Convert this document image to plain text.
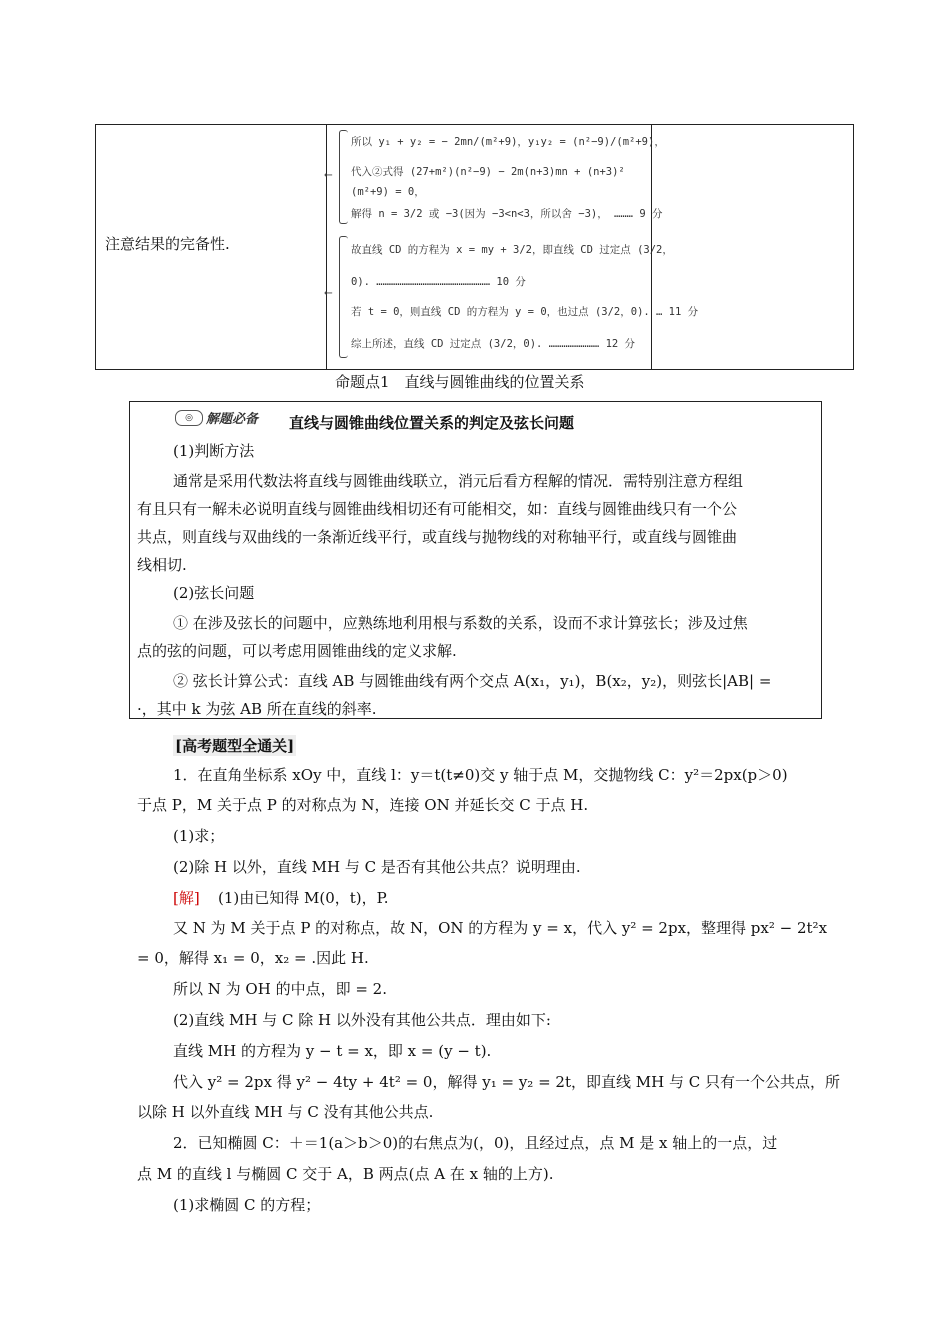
注意结果的完备性.
⟵
⟵
所以 y₁ + y₂ = − 2mn/(m²+9)，y₁y₂ = (n²−9)/(m²+9)，
代入②式得 (27+m²)(n²−9) − 2m(n+3)mn + (n+3)²
(m²+9) = 0，
解得 n = 3/2 或 −3(因为 −3<n<3，所以舍 −3)， ……… 9 分
故直线 CD 的方程为 x = my + 3/2，即直线 CD 过定点 (3/2，
0). ……………………………………………… 10 分
若 t = 0，则直线 CD 的方程为 y = 0，也过点 (3/2，0). … 11 分
综上所述，直线 CD 过定点 (3/2，0). …………………… 12 分
命题点1　直线与圆锥曲线的位置关系
◎	解题必备 直线与圆锥曲线位置关系的判定及弦长问题
(1)判断方法
通常是采用代数法将直线与圆锥曲线联立，消元后看方程解的情况．需特别注意方程组
有且只有一解未必说明直线与圆锥曲线相切还有可能相交，如：直线与圆锥曲线只有一个公
共点，则直线与双曲线的一条渐近线平行，或直线与抛物线的对称轴平行，或直线与圆锥曲
线相切.
(2)弦长问题
① 在涉及弦长的问题中，应熟练地利用根与系数的关系，设而不求计算弦长；涉及过焦
点的弦的问题，可以考虑用圆锥曲线的定义求解.
② 弦长计算公式：直线 AB 与圆锥曲线有两个交点 A(x₁，y₁)，B(x₂，y₂)，则弦长|AB| =
·，其中 k 为弦 AB 所在直线的斜率.
[高考题型全通关]
1．在直角坐标系 xOy 中，直线 l：y＝t(t≠0)交 y 轴于点 M，交抛物线 C：y²＝2px(p＞0)
于点 P，M 关于点 P 的对称点为 N，连接 ON 并延长交 C 于点 H.
(1)求；
(2)除 H 以外，直线 MH 与 C 是否有其他公共点？说明理由.
[解] (1)由已知得 M(0，t)，P.
又 N 为 M 关于点 P 的对称点，故 N，ON 的方程为 y = x，代入 y² = 2px，整理得 px² − 2t²x
= 0，解得 x₁ = 0，x₂ = .因此 H.
所以 N 为 OH 的中点，即 = 2.
(2)直线 MH 与 C 除 H 以外没有其他公共点．理由如下:
直线 MH 的方程为 y − t = x，即 x = (y − t).
代入 y² = 2px 得 y² − 4ty + 4t² = 0，解得 y₁ = y₂ = 2t，即直线 MH 与 C 只有一个公共点，所
以除 H 以外直线 MH 与 C 没有其他公共点.
2．已知椭圆 C：＋＝1(a＞b＞0)的右焦点为(，0)，且经过点，点 M 是 x 轴上的一点，过
点 M 的直线 l 与椭圆 C 交于 A，B 两点(点 A 在 x 轴的上方).
(1)求椭圆 C 的方程；
